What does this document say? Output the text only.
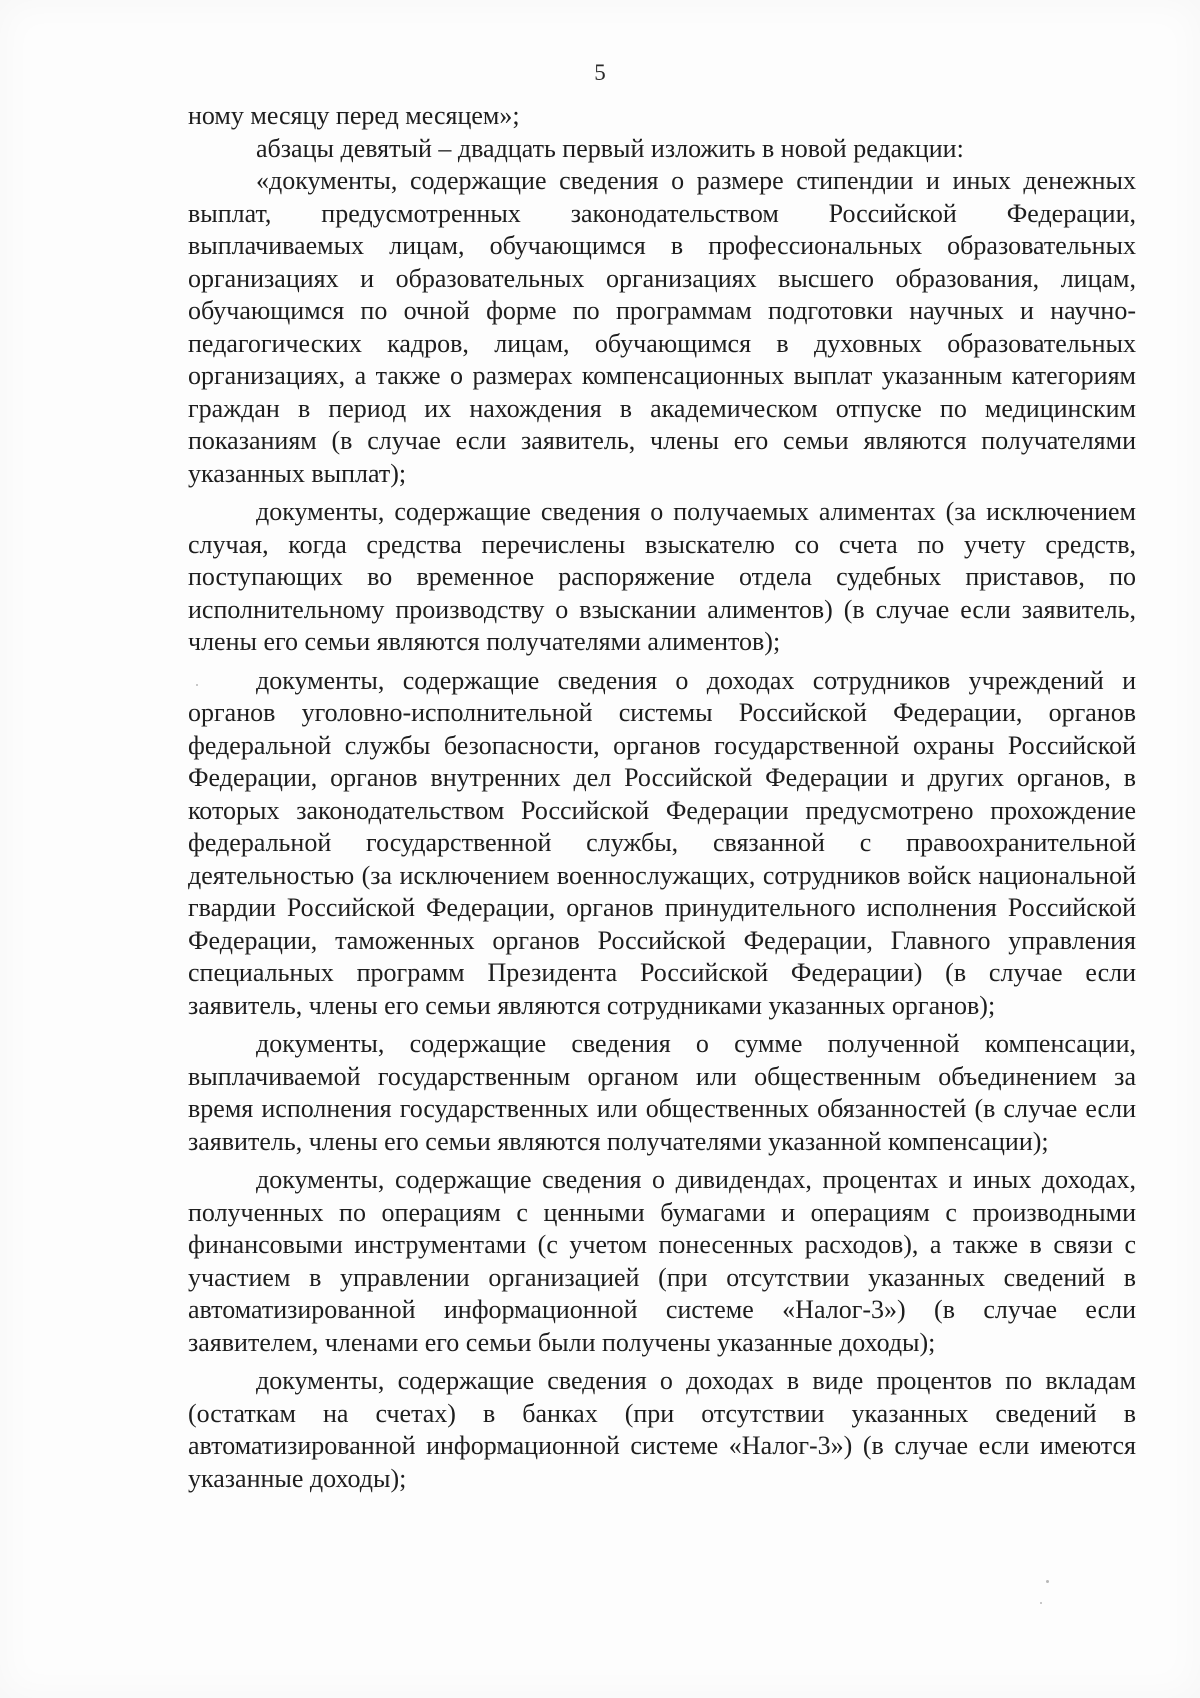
5

ному месяцу перед месяцем»;

абзацы девятый – двадцать первый изложить в новой редакции:

«документы, содержащие сведения о размере стипендии и иных денежных выплат, предусмотренных законодательством Российской Федерации, выплачиваемых лицам, обучающимся в профессиональных образовательных организациях и образовательных организациях высшего образования, лицам, обучающимся по очной форме по программам подготовки научных и научно-педагогических кадров, лицам, обучающимся в духовных образовательных организациях, а также о размерах компенсационных выплат указанным категориям граждан в период их нахождения в академическом отпуске по медицинским показаниям (в случае если заявитель, члены его семьи являются получателями указанных выплат);

документы, содержащие сведения о получаемых алиментах (за исключением случая, когда средства перечислены взыскателю со счета по учету средств, поступающих во временное распоряжение отдела судебных приставов, по исполнительному производству о взыскании алиментов) (в случае если заявитель, члены его семьи являются получателями алиментов);

документы, содержащие сведения о доходах сотрудников учреждений и органов уголовно-исполнительной системы Российской Федерации, органов федеральной службы безопасности, органов государственной охраны Российской Федерации, органов внутренних дел Российской Федерации и других органов, в которых законодательством Российской Федерации предусмотрено прохождение федеральной государственной службы, связанной с правоохранительной деятельностью (за исключением военнослужащих, сотрудников войск национальной гвардии Российской Федерации, органов принудительного исполнения Российской Федерации, таможенных органов Российской Федерации, Главного управления специальных программ Президента Российской Федерации) (в случае если заявитель, члены его семьи являются сотрудниками указанных органов);

документы, содержащие сведения о сумме полученной компенсации, выплачиваемой государственным органом или общественным объединением за время исполнения государственных или общественных обязанностей (в случае если заявитель, члены его семьи являются получателями указанной компенсации);

документы, содержащие сведения о дивидендах, процентах и иных доходах, полученных по операциям с ценными бумагами и операциям с производными финансовыми инструментами (с учетом понесенных расходов), а также в связи с участием в управлении организацией (при отсутствии указанных сведений в автоматизированной информационной системе «Налог-3») (в случае если заявителем, членами его семьи были получены указанные доходы);

документы, содержащие сведения о доходах в виде процентов по вкладам (остаткам на счетах) в банках (при отсутствии указанных сведений в автоматизированной информационной системе «Налог-3») (в случае если имеются указанные доходы);
